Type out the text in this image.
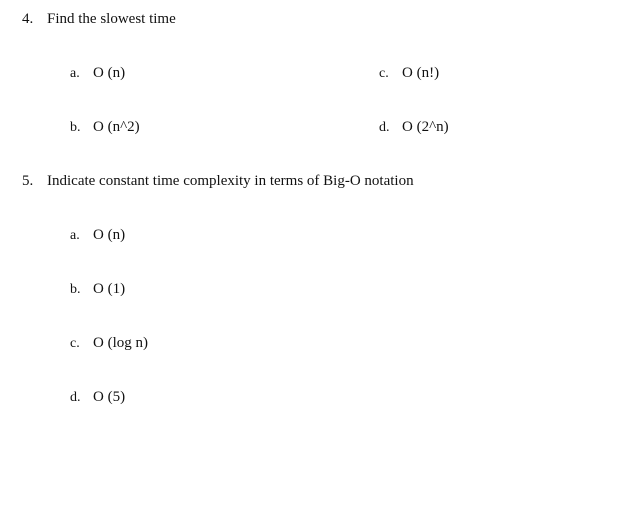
4. Find the slowest time
a. O (n)
b. O (n^2)
c. O (n!)
d. O (2^n)
5. Indicate constant time complexity in terms of Big-O notation
a. O (n)
b. O (1)
c. O (log n)
d. O (5)
